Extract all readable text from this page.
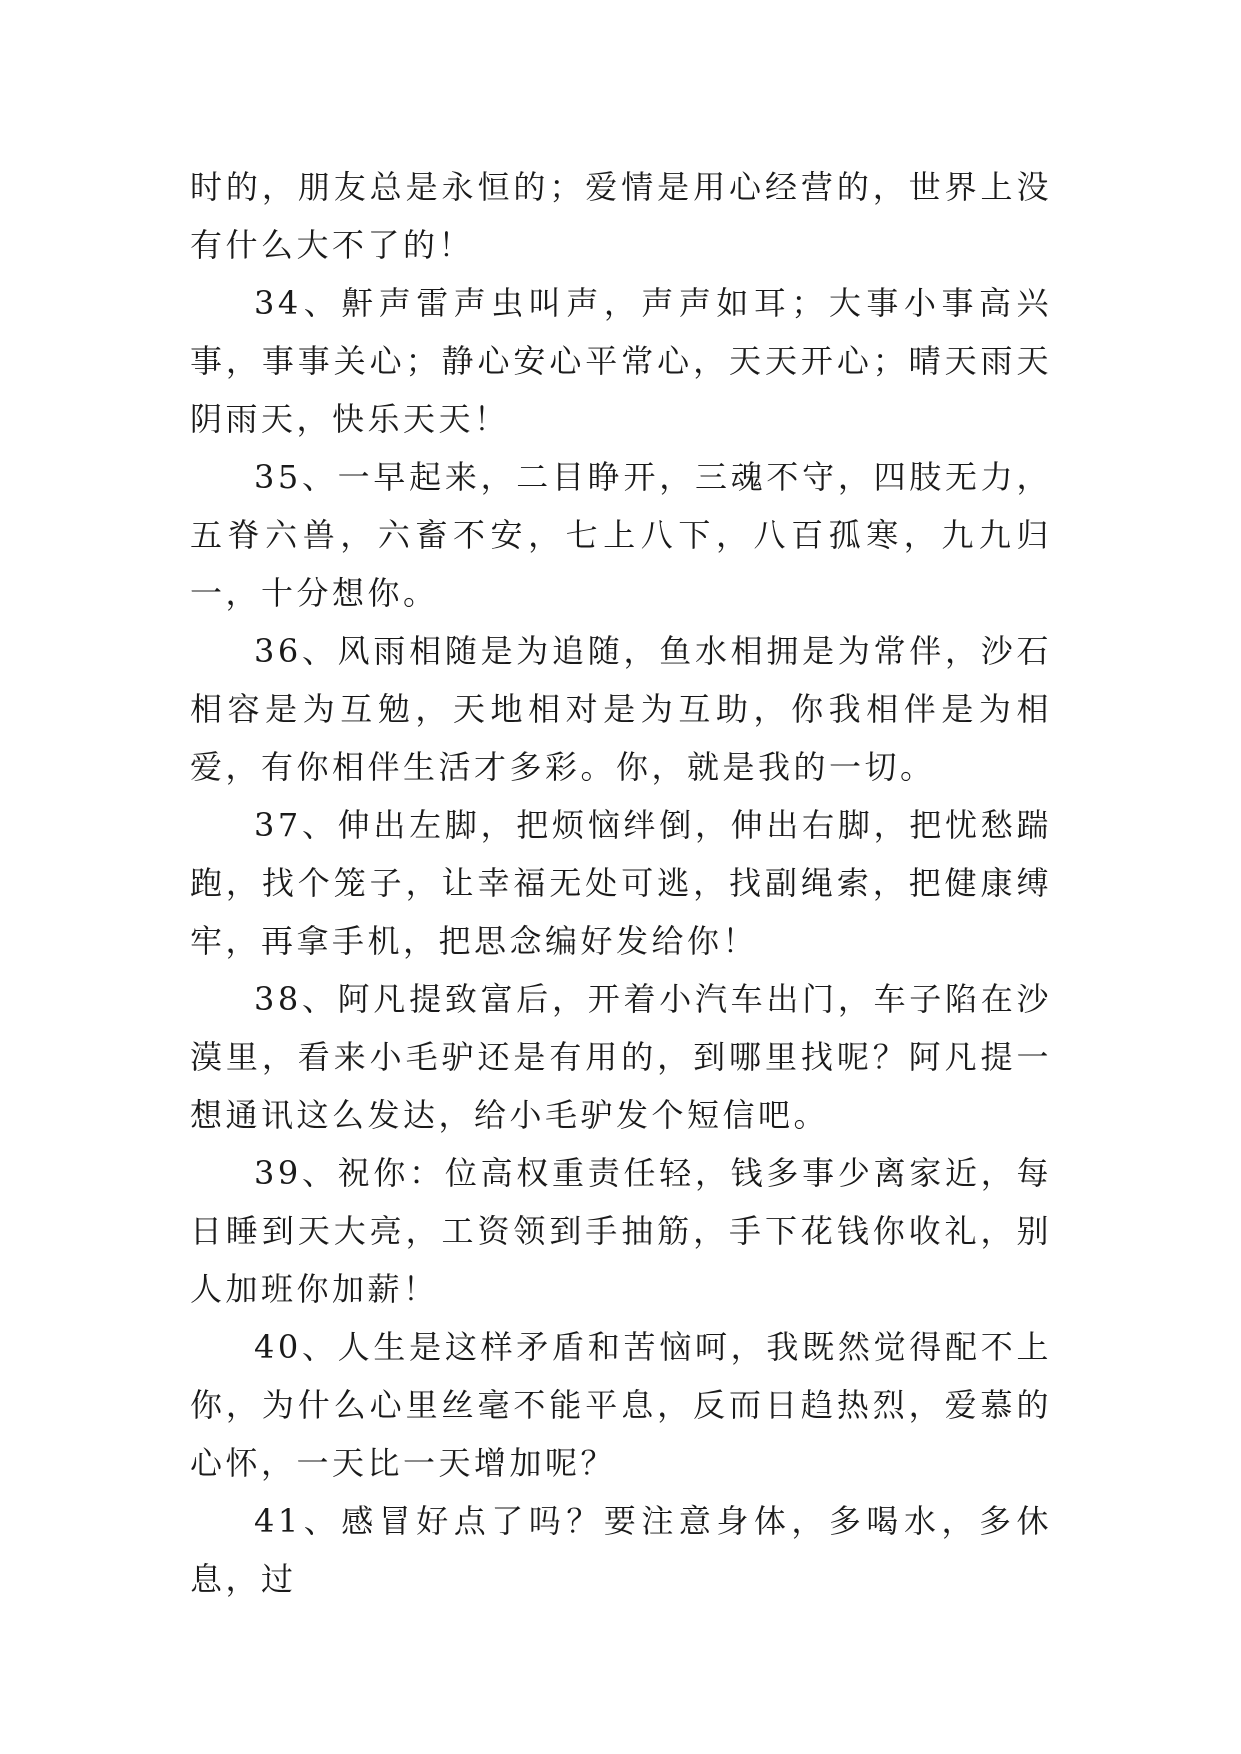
时的，朋友总是永恒的；爱情是用心经营的，世界上没有什么大不了的！

34、鼾声雷声虫叫声，声声如耳；大事小事高兴事，事事关心；静心安心平常心，天天开心；晴天雨天阴雨天，快乐天天！

35、一早起来，二目睁开，三魂不守，四肢无力，五脊六兽，六畜不安，七上八下，八百孤寒，九九归一，十分想你。

36、风雨相随是为追随，鱼水相拥是为常伴，沙石相容是为互勉，天地相对是为互助，你我相伴是为相爱，有你相伴生活才多彩。你，就是我的一切。

37、伸出左脚，把烦恼绊倒，伸出右脚，把忧愁踹跑，找个笼子，让幸福无处可逃，找副绳索，把健康缚牢，再拿手机，把思念编好发给你！

38、阿凡提致富后，开着小汽车出门，车子陷在沙漠里，看来小毛驴还是有用的，到哪里找呢？阿凡提一想通讯这么发达，给小毛驴发个短信吧。

39、祝你：位高权重责任轻，钱多事少离家近，每日睡到天大亮，工资领到手抽筋，手下花钱你收礼，别人加班你加薪！

40、人生是这样矛盾和苦恼呵，我既然觉得配不上你，为什么心里丝毫不能平息，反而日趋热烈，爱慕的心怀，一天比一天增加呢？

41、感冒好点了吗？要注意身体，多喝水，多休息，过
